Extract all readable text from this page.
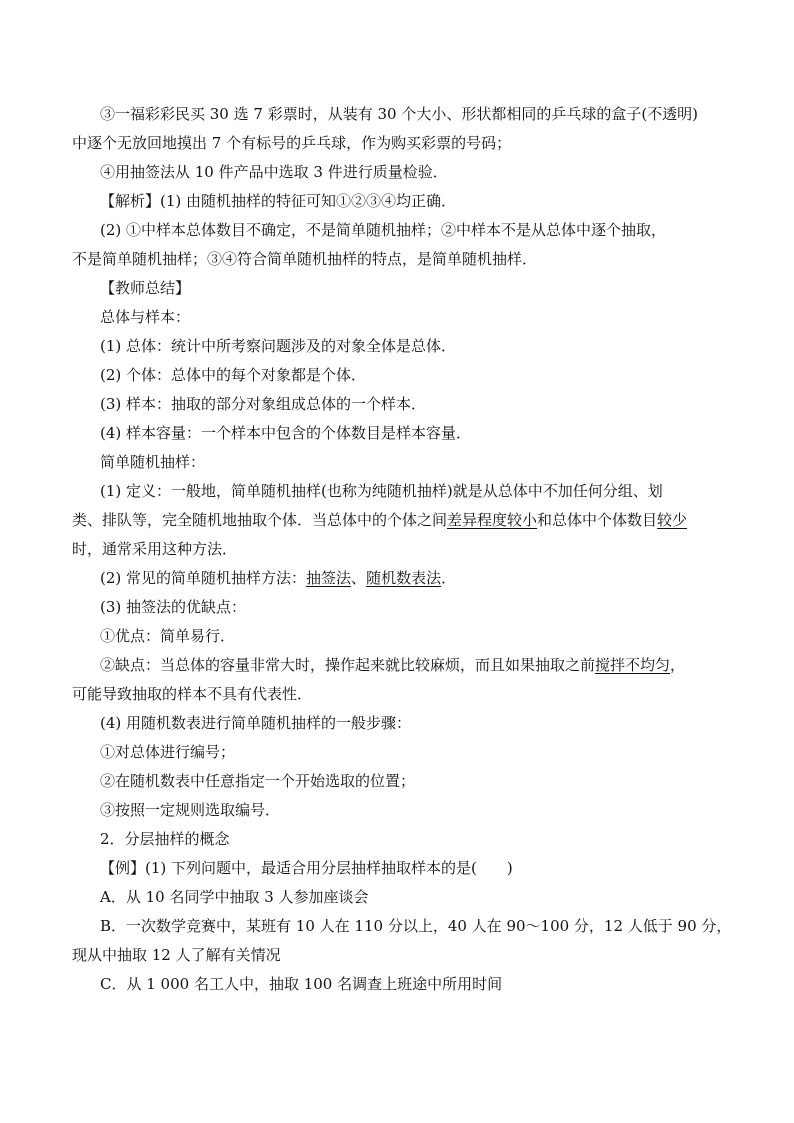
③一福彩彩民买 30 选 7 彩票时，从装有 30 个大小、形状都相同的乒乓球的盒子(不透明)
中逐个无放回地摸出 7 个有标号的乒乓球，作为购买彩票的号码；
④用抽签法从 10 件产品中选取 3 件进行质量检验．
【解析】(1) 由随机抽样的特征可知①②③④均正确．
(2) ①中样本总体数目不确定，不是简单随机抽样；②中样本不是从总体中逐个抽取，
不是简单随机抽样；③④符合简单随机抽样的特点，是简单随机抽样．
【教师总结】
总体与样本：
(1) 总体：统计中所考察问题涉及的对象全体是总体．
(2) 个体：总体中的每个对象都是个体．
(3) 样本：抽取的部分对象组成总体的一个样本．
(4) 样本容量：一个样本中包含的个体数目是样本容量．
简单随机抽样：
(1) 定义：一般地，简单随机抽样(也称为纯随机抽样)就是从总体中不加任何分组、划
类、排队等，完全随机地抽取个体．当总体中的个体之间差异程度较小和总体中个体数目较少
时，通常采用这种方法．
(2) 常见的简单随机抽样方法：抽签法、随机数表法．
(3) 抽签法的优缺点：
①优点：简单易行．
②缺点：当总体的容量非常大时，操作起来就比较麻烦，而且如果抽取之前搅拌不均匀，
可能导致抽取的样本不具有代表性．
(4) 用随机数表进行简单随机抽样的一般步骤：
①对总体进行编号；
②在随机数表中任意指定一个开始选取的位置；
③按照一定规则选取编号．
2．分层抽样的概念
【例】(1) 下列问题中，最适合用分层抽样抽取样本的是(　　)
A．从 10 名同学中抽取 3 人参加座谈会
B．一次数学竞赛中，某班有 10 人在 110 分以上，40 人在 90～100 分，12 人低于 90 分，
现从中抽取 12 人了解有关情况
C．从 1 000 名工人中，抽取 100 名调查上班途中所用时间
